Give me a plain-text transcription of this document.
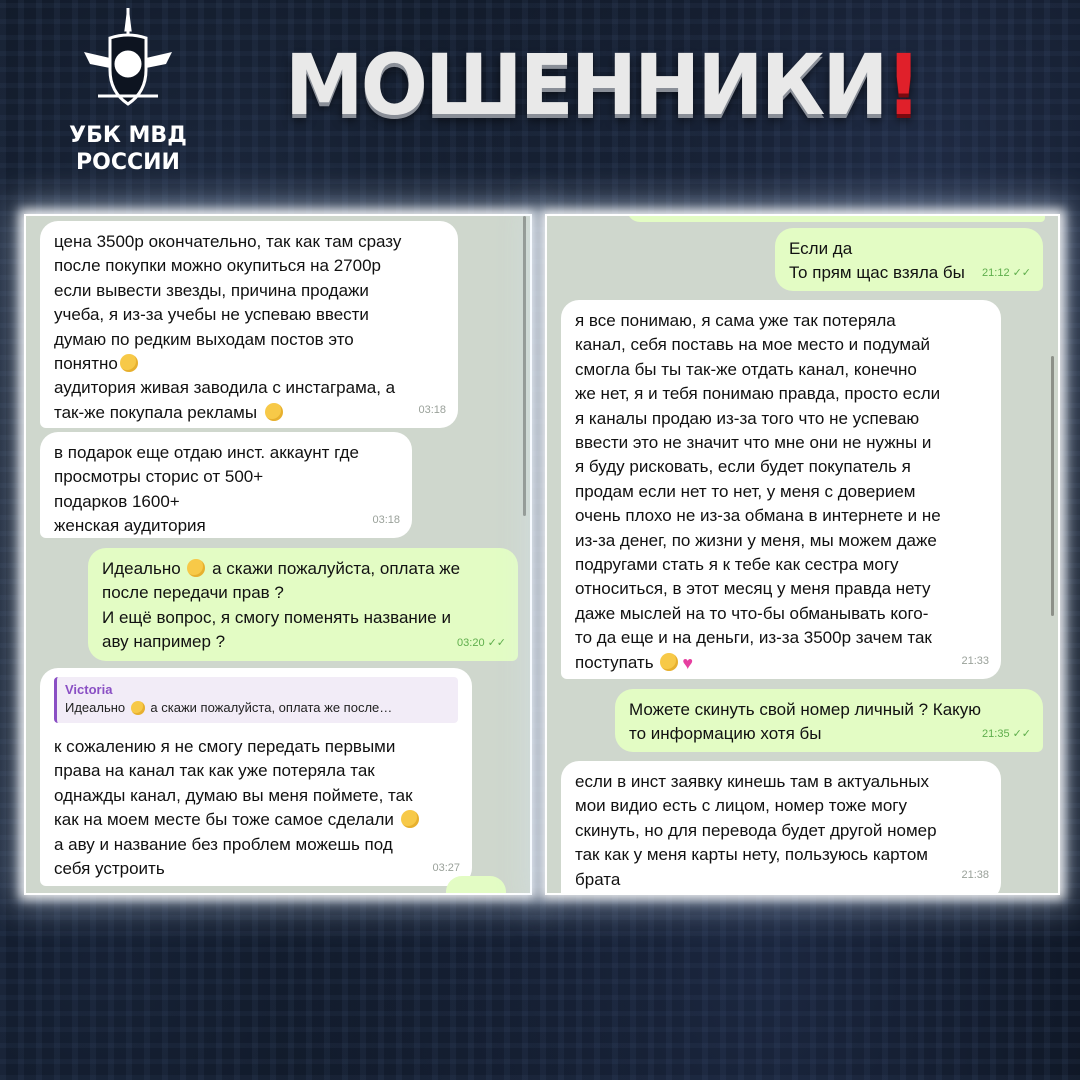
УБК МВД
РОССИИ
МОШЕННИКИ!
цена 3500р окончательно, так как там сразу
после покупки можно окупиться на 2700р
если вывести звезды, причина продажи
учеба, я из-за учебы не успеваю ввести
думаю по редким выходам постов это
понятно
аудитория живая заводила с инстаграма, а
так-же покупала рекламы	03:18
в подарок еще отдаю инст. аккаунт где
просмотры сторис от 500+
подарков 1600+
женская аудитория	03:18
Идеально  а скажи пожалуйста, оплата же
после передачи прав ?
И ещё вопрос, я смогу поменять название и
аву например ?	03:20 ✓✓
Victoria
Идеально  а скажи пожалуйста, оплата же после…
к сожалению я не смогу передать первыми
права на канал так как уже потеряла так
однажды канал, думаю вы меня поймете, так
как на моем месте бы тоже самое сделали
а аву и название без проблем можешь под
себя устроить	03:27
Если да
То прям щас взяла бы 21:12 ✓✓
я все понимаю, я сама уже так потеряла
канал, себя поставь на мое место и подумай
смогла бы ты так-же отдать канал, конечно
же нет, я и тебя понимаю правда, просто если
я каналы продаю из-за того что не успеваю
ввести это не значит что мне они не нужны и
я буду рисковать, если будет покупатель я
продам если нет то нет, у меня с доверием
очень плохо не из-за обмана в интернете и не
из-за денег, по жизни у меня, мы можем даже
подругами стать я к тебе как сестра могу
относиться, в этот месяц у меня правда нету
даже мыслей на то что-бы обманывать кого-
то да еще и на деньги, из-за 3500р зачем так
поступать ♥	21:33
Можете скинуть свой номер личный ? Какую
то информацию хотя бы	21:35 ✓✓
если в инст заявку кинешь там в актуальных
мои видио есть с лицом, номер тоже могу
скинуть, но для перевода будет другой номер
так как у меня карты нету, пользуюсь картом
брата	21:38
